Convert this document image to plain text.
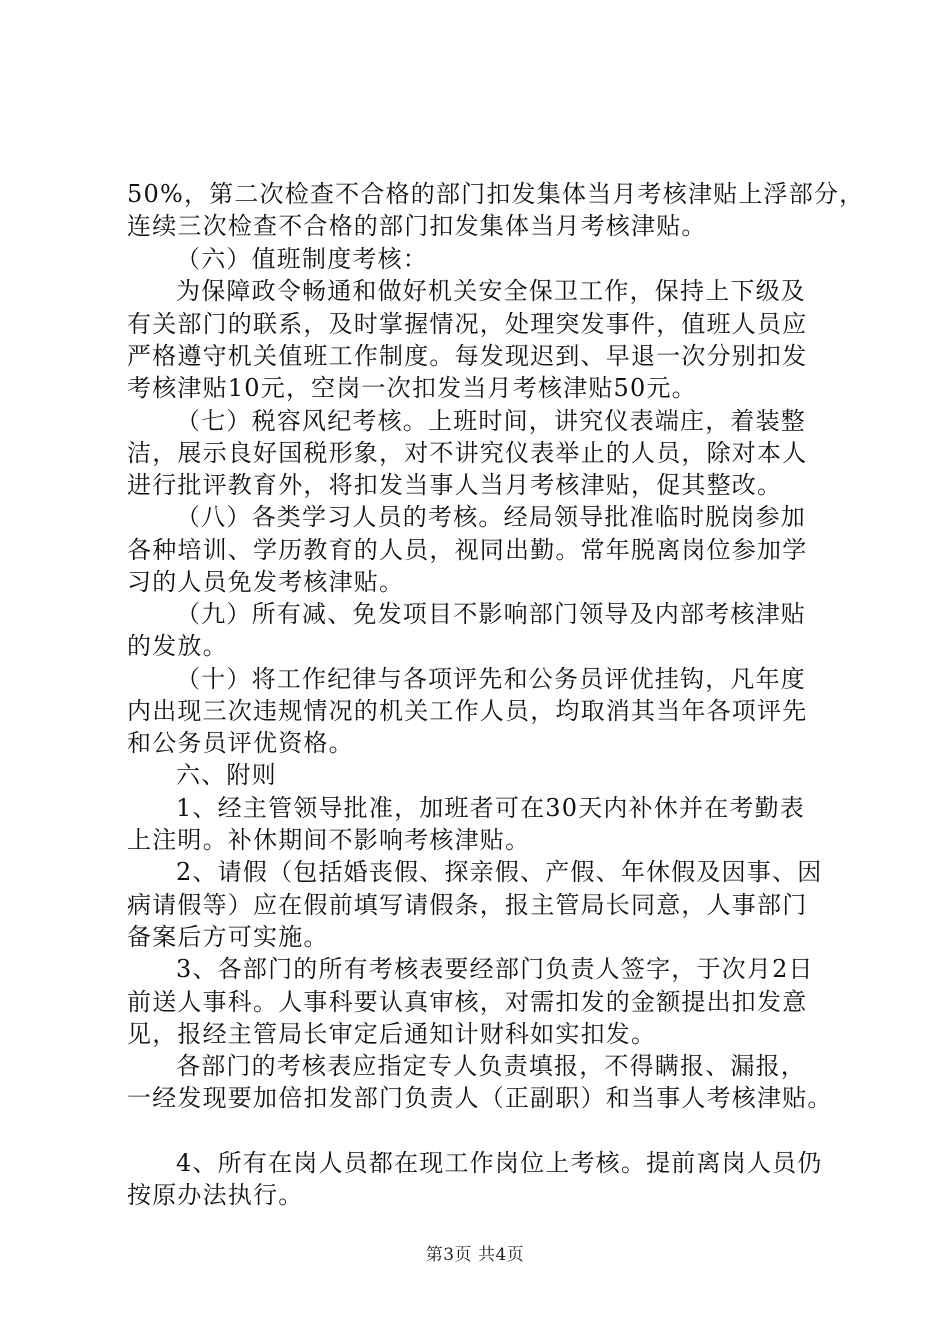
50%，第二次检查不合格的部门扣发集体当月考核津贴上浮部分，
连续三次检查不合格的部门扣发集体当月考核津贴。
（六）值班制度考核：
为保障政令畅通和做好机关安全保卫工作，保持上下级及
有关部门的联系，及时掌握情况，处理突发事件，值班人员应
严格遵守机关值班工作制度。每发现迟到、早退一次分别扣发
考核津贴10元，空岗一次扣发当月考核津贴50元。
（七）税容风纪考核。上班时间，讲究仪表端庄，着装整
洁，展示良好国税形象，对不讲究仪表举止的人员，除对本人
进行批评教育外，将扣发当事人当月考核津贴，促其整改。
（八）各类学习人员的考核。经局领导批准临时脱岗参加
各种培训、学历教育的人员，视同出勤。常年脱离岗位参加学
习的人员免发考核津贴。
（九）所有减、免发项目不影响部门领导及内部考核津贴
的发放。
（十）将工作纪律与各项评先和公务员评优挂钩，凡年度
内出现三次违规情况的机关工作人员，均取消其当年各项评先
和公务员评优资格。
六、附则
1、经主管领导批准，加班者可在30天内补休并在考勤表
上注明。补休期间不影响考核津贴。
2、请假（包括婚丧假、探亲假、产假、年休假及因事、因
病请假等）应在假前填写请假条，报主管局长同意，人事部门
备案后方可实施。
3、各部门的所有考核表要经部门负责人签字，于次月2日
前送人事科。人事科要认真审核，对需扣发的金额提出扣发意
见，报经主管局长审定后通知计财科如实扣发。
各部门的考核表应指定专人负责填报，不得瞒报、漏报，
一经发现要加倍扣发部门负责人（正副职）和当事人考核津贴。
4、所有在岗人员都在现工作岗位上考核。提前离岗人员仍
按原办法执行。
第3页 共4页
